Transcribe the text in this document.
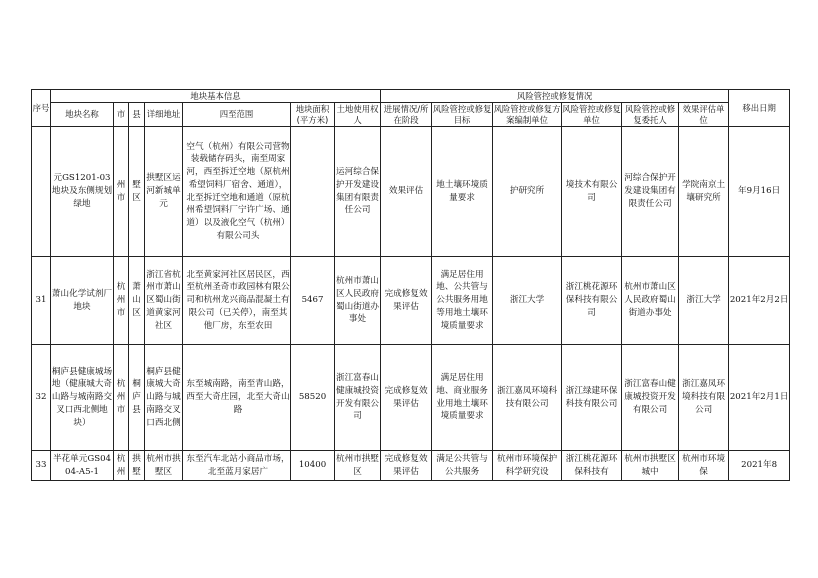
序号	地块基本信息							风险管控或修复情况						移出日期
	地块名称	市	县	详细地址	四至范围	地块面积(平方米)	土地使用权人	进展情况/所在阶段	风险管控或修复目标	风险管控或修复方案编制单位	风险管控或修复单位	风险管控或修复委托人	效果评估单位	
	元GS1201-03地块及东侧规划绿地	州市	墅区	拱墅区运河新城单元	空气（杭州）有限公司营物装载储存码头，南至周家河，西至拆迁空地（原杭州希望饲料厂宿舍、通道），北至拆迁空地和通道（原杭州希望饲料厂宁许广场、通道）以及液化空气（杭州）有限公司头		运河综合保护开发建设集团有限责任公司	效果评估	地土壤环境质量要求	护研究所	境技术有限公司	河综合保护开发建设集团有限责任公司	学院南京土壤研究所	年9月16日
31	萧山化学试剂厂地块	杭州市	萧山区	浙江省杭州市萧山区蜀山街道黄家河社区	北至黄家河社区居民区，西至杭州圣奇市政园林有限公司和杭州龙兴商品混凝土有限公司（已关停），南至其他厂房，东至农田	5467	杭州市萧山区人民政府蜀山街道办事处	完成修复效果评估	满足居住用地、公共管与公共服务用地等用地土壤环境质量要求	浙江大学	浙江桃花源环保科技有限公司	杭州市萧山区人民政府蜀山街道办事处	浙江大学	2021年2月2日
32	桐庐县健康城场地（健康城大奇山路与城南路交叉口西北侧地块）	杭州市	桐庐县	桐庐县健康城大奇山路与城南路交叉口西北侧	东至城南路，南至青山路，西至大奇庄园，北至大奇山路	58520	浙江富春山健康城投资开发有限公司	完成修复效果评估	满足居住用地、商业服务业用地土壤环境质量要求	浙江嘉凤环境科技有限公司	浙江绿建环保科技有限公司	浙江富春山健康城投资开发有限公司	浙江嘉凤环境科技有限公司	2021年2月1日
33	半花单元GS0404-A5-1	杭州	拱墅	杭州市拱墅区	东至汽车北站小商品市场，北至蓝月家居广	10400	杭州市拱墅区	完成修复效果评估	满足公共管与公共服务	杭州市环境保护科学研究设	浙江桃花源环保科技有	杭州市拱墅区城中	杭州市环境保	2021年8
